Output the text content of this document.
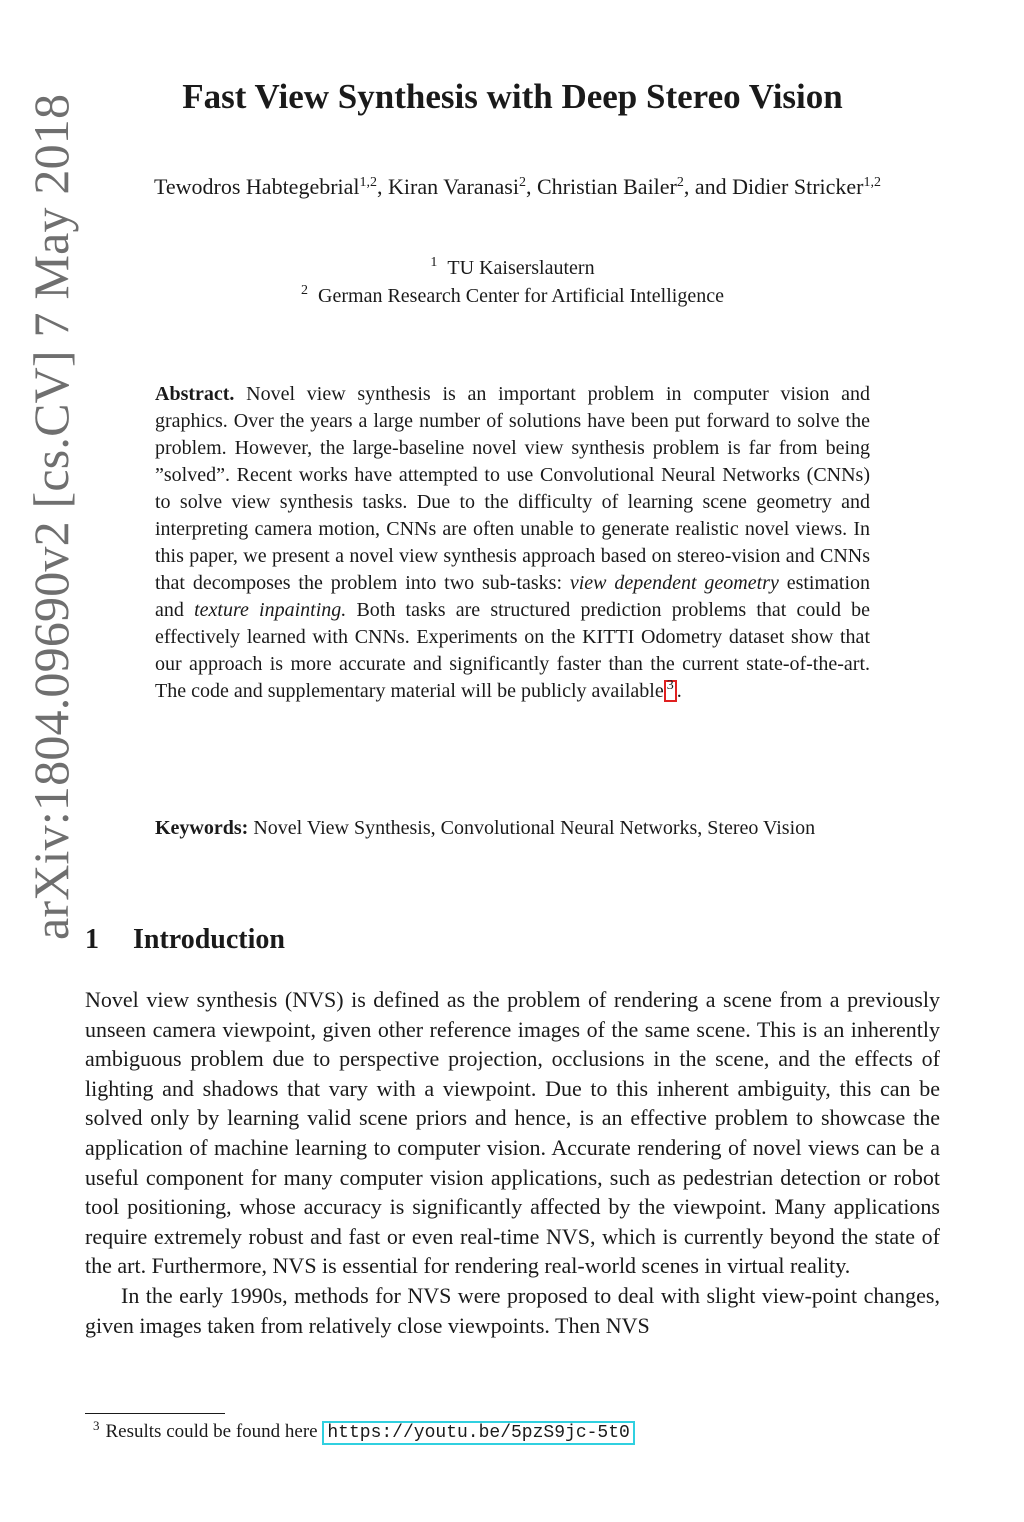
arXiv:1804.09690v2 [cs.CV] 7 May 2018	Fast View Synthesis with Deep Stereo Vision
Tewodros Habtegebrial$^{1,2}$, Kiran Varanasi$^2$, Christian Bailer$^2$, and Didier Stricker$^{1,2}$
$^1$ TU Kaiserslautern
$^2$ German Research Center for Artificial Intelligence

Abstract. Novel view synthesis is an important problem in computer vision and graphics. Over the years a large number of solutions have been put forward to solve the problem. However, the large-baseline novel view synthesis problem is far from being ”solved”. Recent works have attempted to use Convolutional Neural Networks (CNNs) to solve view synthesis tasks. Due to the difficulty of learning scene geometry and interpreting camera motion, CNNs are often unable to generate realistic novel views. In this paper, we present a novel view synthesis approach based on stereo-vision and CNNs that decomposes the problem into two sub-tasks: view dependent geometry estimation and texture inpainting. Both tasks are structured prediction problems that could be effectively learned with CNNs. Experiments on the KITTI Odometry dataset show that our approach is more accurate and significantly faster than the current state-of-the-art. The code and supplementary material will be publicly available $^3$ .

Keywords: Novel View Synthesis, Convolutional Neural Networks, Stereo Vision

1 Introduction

Novel view synthesis (NVS) is defined as the problem of rendering a scene from a previously unseen camera viewpoint, given other reference images of the same scene. This is an inherently ambiguous problem due to perspective projection, occlusions in the scene, and the effects of lighting and shadows that vary with a viewpoint. Due to this inherent ambiguity, this can be solved only by learning valid scene priors and hence, is an effective problem to showcase the application of machine learning to computer vision. Accurate rendering of novel views can be a useful component for many computer vision applications, such as pedestrian detection or robot tool positioning, whose accuracy is significantly affected by the viewpoint. Many applications require extremely robust and fast or even real-time NVS, which is currently beyond the state of the art. Furthermore, NVS is essential for rendering real-world scenes in virtual reality.

In the early 1990s, methods for NVS were proposed to deal with slight view-point changes, given images taken from relatively close viewpoints. Then NVS

$^3$ Results could be found here https://youtu.be/5pzS9jc-5t0
